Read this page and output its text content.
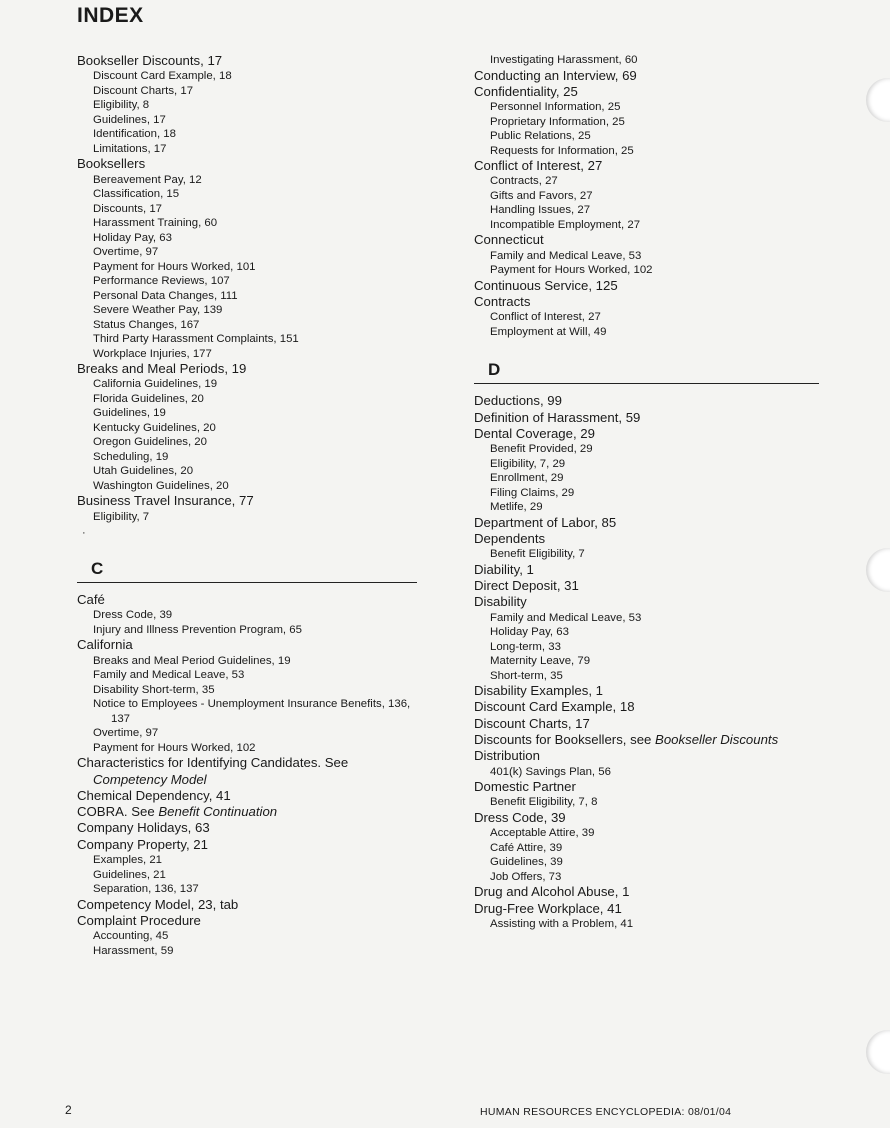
INDEX
Bookseller Discounts, 17
Discount Card Example, 18
Discount Charts, 17
Eligibility, 8
Guidelines, 17
Identification, 18
Limitations, 17
Booksellers
Bereavement Pay, 12
Classification, 15
Discounts, 17
Harassment Training, 60
Holiday Pay, 63
Overtime, 97
Payment for Hours Worked, 101
Performance Reviews, 107
Personal Data Changes, 111
Severe Weather Pay, 139
Status Changes, 167
Third Party Harassment Complaints, 151
Workplace Injuries, 177
Breaks and Meal Periods, 19
California Guidelines, 19
Florida Guidelines, 20
Guidelines, 19
Kentucky Guidelines, 20
Oregon Guidelines, 20
Scheduling, 19
Utah Guidelines, 20
Washington Guidelines, 20
Business Travel Insurance, 77
Eligibility, 7
·
C
Café
Dress Code, 39
Injury and Illness Prevention Program, 65
California
Breaks and Meal Period Guidelines, 19
Family and Medical Leave, 53
Disability Short-term, 35
Notice to Employees - Unemployment Insurance Benefits, 136, 137
Overtime, 97
Payment for Hours Worked, 102
Characteristics for Identifying Candidates. See Competency Model
Chemical Dependency, 41
COBRA. See Benefit Continuation
Company Holidays, 63
Company Property, 21
Examples, 21
Guidelines, 21
Separation, 136, 137
Competency Model, 23, tab
Complaint Procedure
Accounting, 45
Harassment, 59
Investigating Harassment, 60
Conducting an Interview, 69
Confidentiality, 25
Personnel Information, 25
Proprietary Information, 25
Public Relations, 25
Requests for Information, 25
Conflict of Interest, 27
Contracts, 27
Gifts and Favors, 27
Handling Issues, 27
Incompatible Employment, 27
Connecticut
Family and Medical Leave, 53
Payment for Hours Worked, 102
Continuous Service, 125
Contracts
Conflict of Interest, 27
Employment at Will, 49
D
Deductions, 99
Definition of Harassment, 59
Dental Coverage, 29
Benefit Provided, 29
Eligibility, 7, 29
Enrollment, 29
Filing Claims, 29
Metlife, 29
Department of Labor, 85
Dependents
Benefit Eligibility, 7
Diability, 1
Direct Deposit, 31
Disability
Family and Medical Leave, 53
Holiday Pay, 63
Long-term, 33
Maternity Leave, 79
Short-term, 35
Disability Examples, 1
Discount Card Example, 18
Discount Charts, 17
Discounts for Booksellers, see Bookseller Discounts
Distribution
401(k) Savings Plan, 56
Domestic Partner
Benefit Eligibility, 7, 8
Dress Code, 39
Acceptable Attire, 39
Café Attire, 39
Guidelines, 39
Job Offers, 73
Drug and Alcohol Abuse, 1
Drug-Free Workplace, 41
Assisting with a Problem, 41
2	HUMAN RESOURCES ENCYCLOPEDIA: 08/01/04
